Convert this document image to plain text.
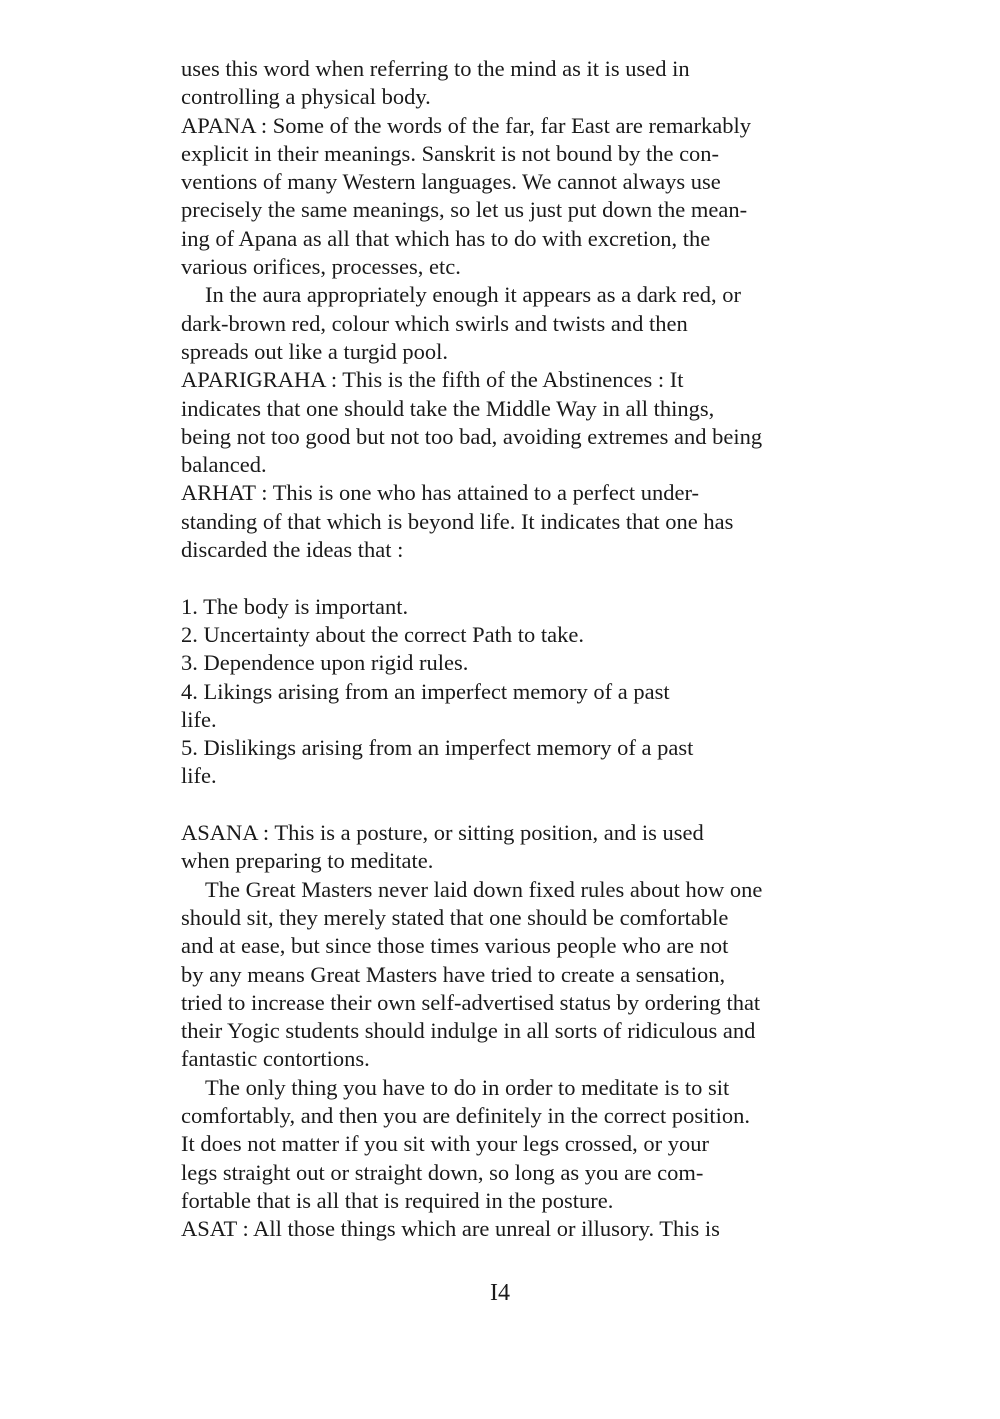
uses this word when referring to the mind as it is used in
controlling a physical body.
APANA : Some of the words of the far, far East are remarkably
explicit in their meanings. Sanskrit is not bound by the con-
ventions of many Western languages. We cannot always use
precisely the same meanings, so let us just put down the mean-
ing of Apana as all that which has to do with excretion, the
various orifices, processes, etc.
In the aura appropriately enough it appears as a dark red, or
dark-brown red, colour which swirls and twists and then
spreads out like a turgid pool.
APARIGRAHA : This is the fifth of the Abstinences : It
indicates that one should take the Middle Way in all things,
being not too good but not too bad, avoiding extremes and being
balanced.
ARHAT : This is one who has attained to a perfect under-
standing of that which is beyond life. It indicates that one has
discarded the ideas that :
1. The body is important.
2. Uncertainty about the correct Path to take.
3. Dependence upon rigid rules.
4. Likings arising from an imperfect memory of a past
life.
5. Dislikings arising from an imperfect memory of a past
life.
ASANA : This is a posture, or sitting position, and is used
when preparing to meditate.
The Great Masters never laid down fixed rules about how one
should sit, they merely stated that one should be comfortable
and at ease, but since those times various people who are not
by any means Great Masters have tried to create a sensation,
tried to increase their own self-advertised status by ordering that
their Yogic students should indulge in all sorts of ridiculous and
fantastic contortions.
The only thing you have to do in order to meditate is to sit
comfortably, and then you are definitely in the correct position.
It does not matter if you sit with your legs crossed, or your
legs straight out or straight down, so long as you are com-
fortable that is all that is required in the posture.
ASAT : All those things which are unreal or illusory. This is
I4
